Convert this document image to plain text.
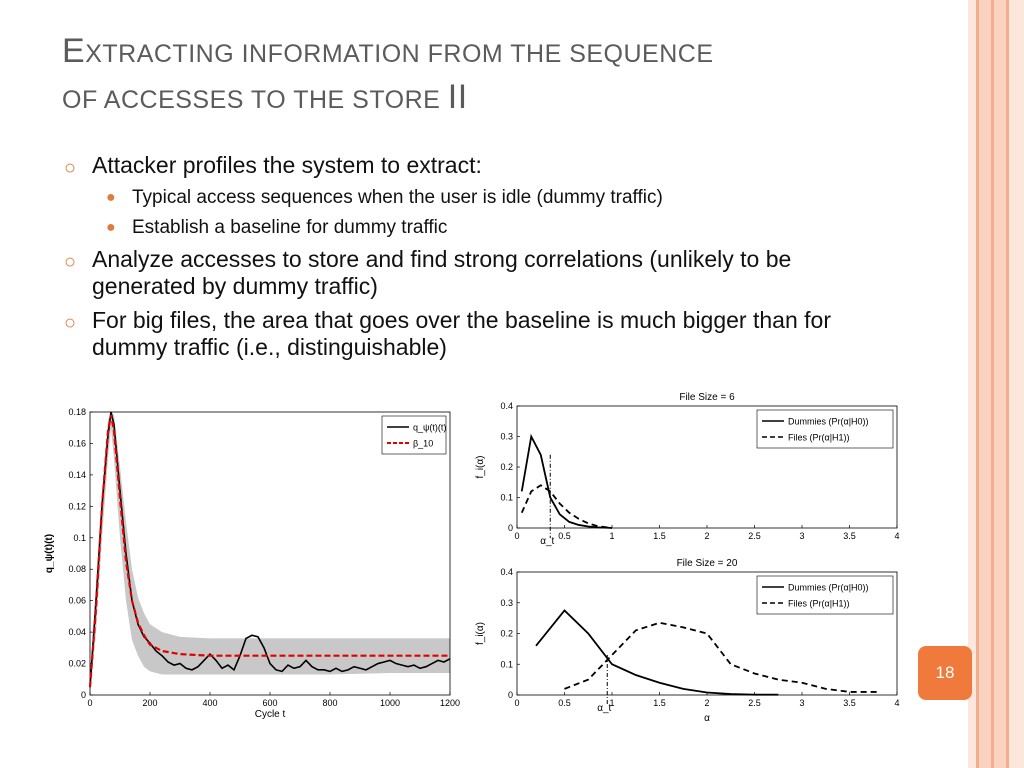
EXTRACTING INFORMATION FROM THE SEQUENCE
OF ACCESSES TO THE STORE II
○ Attacker profiles the system to extract:
● Typical access sequences when the user is idle (dummy traffic)
● Establish a baseline for dummy traffic
○ Analyze accesses to store and find strong correlations (unlikely to be generated by dummy traffic)
○ For big files, the area that goes over the baseline is much bigger than for dummy traffic (i.e., distinguishable)
0	200	400	600	800	1000	1200
0
0.02
0.04
0.06
0.08
0.1
0.12
0.14
0.16
0.18
Cycle t
q_ψ(t)(t)
q_ψ(t)(t)
β_10
0	0.5	1	1.5	2	2.5	3	3.5	4
0
0.1
0.2
0.3
0.4
File Size = 6
f_i(α)
α_t
Dummies (Pr(α|H0))
Files (Pr(α|H1))
0	0.5	1	1.5	2	2.5	3	3.5	4
0
0.1
0.2
0.3
0.4
File Size = 20
α
f_i(α)
α_t
Dummies (Pr(α|H0))
Files (Pr(α|H1))
18
